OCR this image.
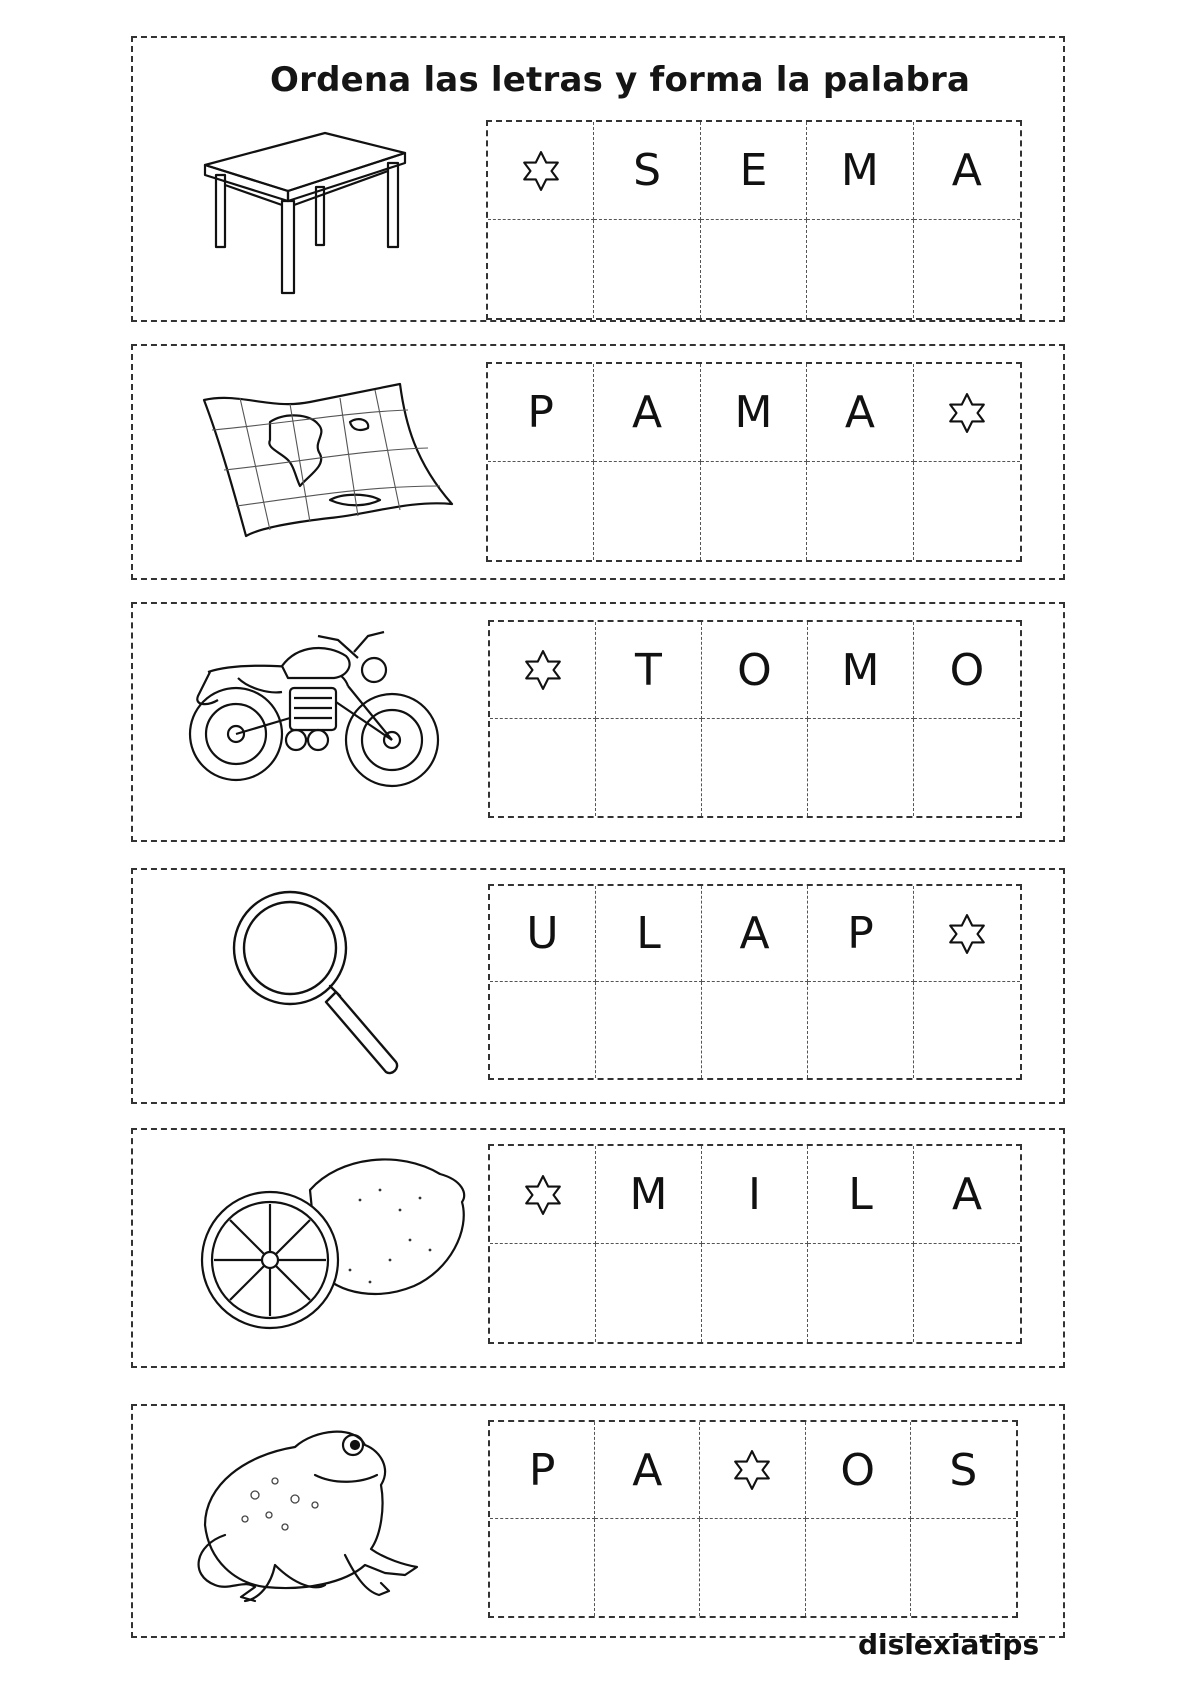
Ordena las letras y forma la palabra
S	E	M	A
P	A	M	A
T	O	M	O
U	L	A	P
M	I	L	A
P	A	O	S
dislexiatips
